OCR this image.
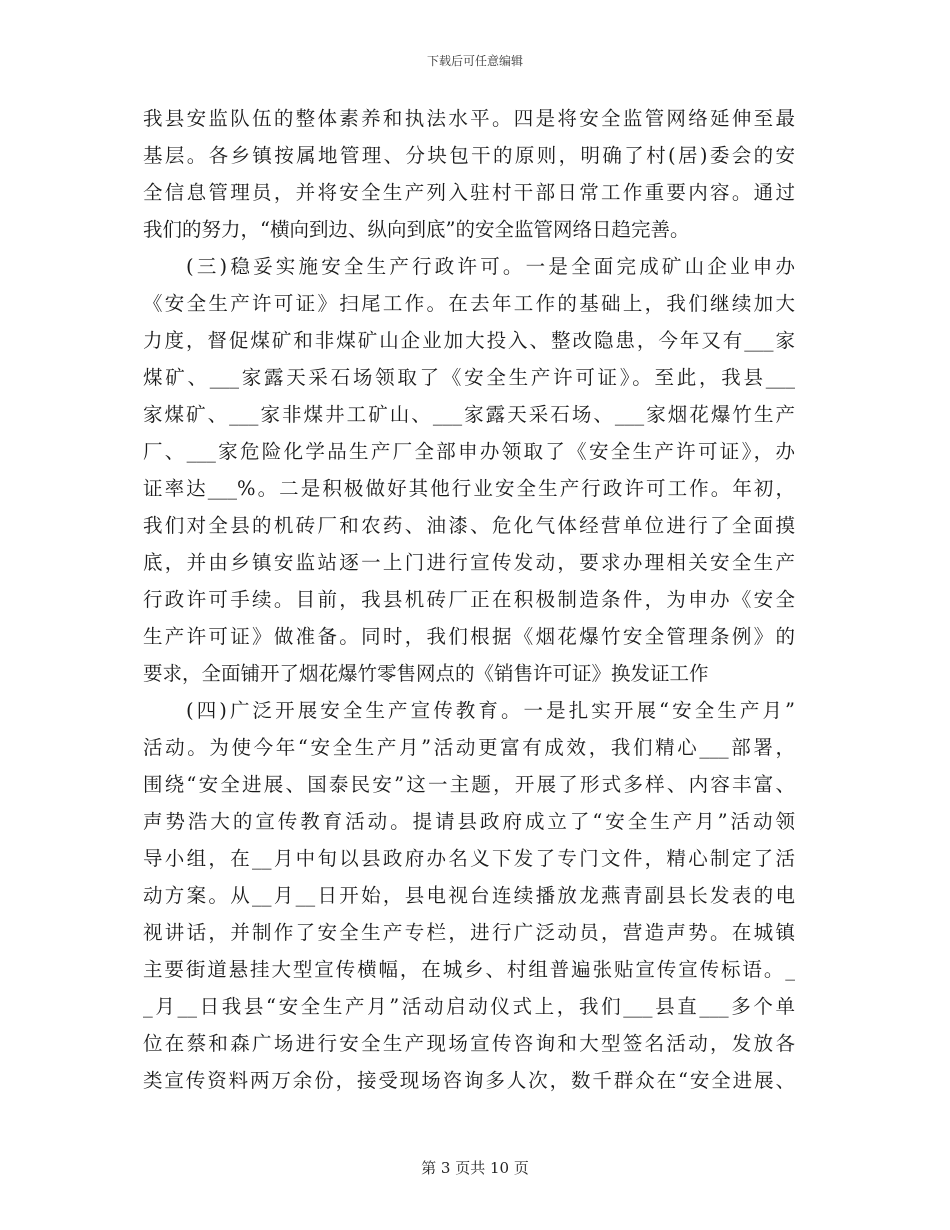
下载后可任意编辑
我县安监队伍的整体素养和执法水平。四是将安全监管网络延伸至最
基层。各乡镇按属地管理、分块包干的原则，明确了村(居)委会的安
全信息管理员，并将安全生产列入驻村干部日常工作重要内容。通过
我们的努力，“横向到边、纵向到底”的安全监管网络日趋完善。
(三)稳妥实施安全生产行政许可。一是全面完成矿山企业申办
《安全生产许可证》扫尾工作。在去年工作的基础上，我们继续加大
力度，督促煤矿和非煤矿山企业加大投入、整改隐患，今年又有___家
煤矿、___家露天采石场领取了《安全生产许可证》。至此，我县___
家煤矿、___家非煤井工矿山、___家露天采石场、___家烟花爆竹生产
厂、___家危险化学品生产厂全部申办领取了《安全生产许可证》，办
证率达___%。二是积极做好其他行业安全生产行政许可工作。年初，
我们对全县的机砖厂和农药、油漆、危化气体经营单位进行了全面摸
底，并由乡镇安监站逐一上门进行宣传发动，要求办理相关安全生产
行政许可手续。目前，我县机砖厂正在积极制造条件，为申办《安全
生产许可证》做准备。同时，我们根据《烟花爆竹安全管理条例》的
要求，全面铺开了烟花爆竹零售网点的《销售许可证》换发证工作
(四)广泛开展安全生产宣传教育。一是扎实开展“安全生产月”
活动。为使今年“安全生产月”活动更富有成效，我们精心___部署，
围绕“安全进展、国泰民安”这一主题，开展了形式多样、内容丰富、
声势浩大的宣传教育活动。提请县政府成立了“安全生产月”活动领
导小组，在__月中旬以县政府办名义下发了专门文件，精心制定了活
动方案。从__月__日开始，县电视台连续播放龙燕青副县长发表的电
视讲话，并制作了安全生产专栏，进行广泛动员，营造声势。在城镇
主要街道悬挂大型宣传横幅，在城乡、村组普遍张贴宣传宣传标语。_
_月__日我县“安全生产月”活动启动仪式上，我们___县直___多个单
位在蔡和森广场进行安全生产现场宣传咨询和大型签名活动，发放各
类宣传资料两万余份，接受现场咨询多人次，数千群众在“安全进展、
第 3 页共 10 页
